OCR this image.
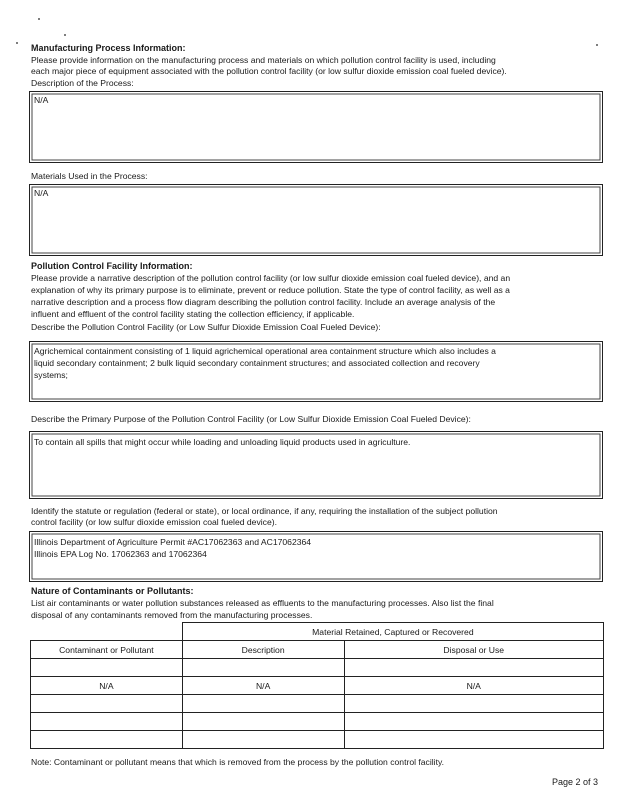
Manufacturing Process Information:
Please provide information on the manufacturing process and materials on which pollution control facility is used, including
each major piece of equipment associated with the pollution control facility (or low sulfur dioxide emission coal fueled device).
Description of the Process:
N/A
Materials Used in the Process:
N/A
Pollution Control Facility Information:
Please provide a narrative description of the pollution control facility (or low sulfur dioxide emission coal fueled device), and an
explanation of why its primary purpose is to eliminate, prevent or reduce pollution. State the type of control facility, as well as a
narrative description and a process flow diagram describing the pollution control facility. Include an average analysis of the
influent and effluent of the control facility stating the collection efficiency, if applicable.
Describe the Pollution Control Facility (or Low Sulfur Dioxide Emission Coal Fueled Device):
Agrichemical containment consisting of 1 liquid agrichemical operational area containment structure which also includes a
liquid secondary containment; 2 bulk liquid secondary containment structures; and associated collection and recovery
systems;
Describe the Primary Purpose of the Pollution Control Facility (or Low Sulfur Dioxide Emission Coal Fueled Device):
To contain all spills that might occur while loading and unloading liquid products used in agriculture.
Identify the statute or regulation (federal or state), or local ordinance, if any, requiring the installation of the subject pollution
control facility (or low sulfur dioxide emission coal fueled device).
Illinois Department of Agriculture Permit #AC17062363 and AC17062364
Illinois EPA Log No. 17062363 and 17062364
Nature of Contaminants or Pollutants:
List air contaminants or water pollution substances released as effluents to the manufacturing processes. Also list the final
disposal of any contaminants removed from the manufacturing processes.
	Material Retained, Captured or Recovered	
Contaminant or Pollutant	Description	Disposal or Use

N/A	N/A	N/A

Note: Contaminant or pollutant means that which is removed from the process by the pollution control facility.
Page 2 of 3
